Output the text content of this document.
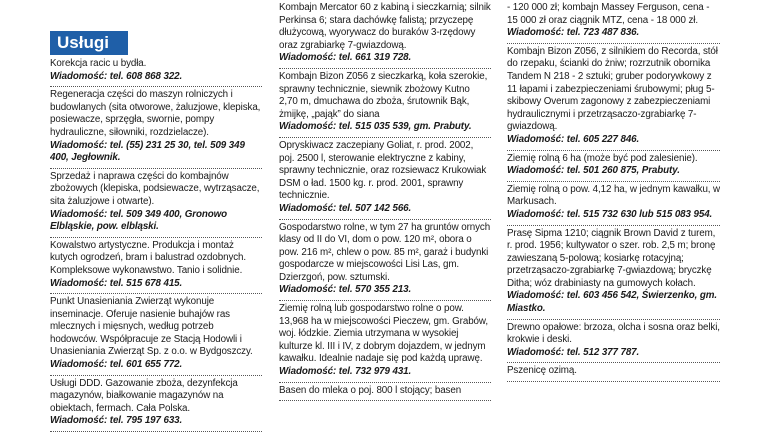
Usługi
Korekcja racic u bydła.
Wiadomość: tel. 608 868 322.
Regeneracja części do maszyn rolniczych i budowlanych (sita otworowe, żaluzjowe, klepiska, posiewacze, sprzęgła, swornie, pompy hydrauliczne, siłowniki, rozdzielacze).
Wiadomość: tel. (55) 231 25 30, tel. 509 349 400, Jegłownik.
Sprzedaż i naprawa części do kombajnów zbożowych (klepiska, podsiewacze, wytrząsacze, sita żaluzjowe i otwarte).
Wiadomość: tel. 509 349 400, Gronowo Elbląskie, pow. elbląski.
Kowalstwo artystyczne. Produkcja i montaż kutych ogrodzeń, bram i balustrad ozdobnych. Kompleksowe wykonawstwo. Tanio i solidnie.
Wiadomość: tel. 515 678 415.
Punkt Unasieniania Zwierząt wykonuje inseminacje. Oferuje nasienie buhajów ras mlecznych i mięsnych, według potrzeb hodowców. Współpracuje ze Stacją Hodowli i Unasieniania Zwierząt Sp. z o.o. w Bydgoszczy.
Wiadomość: tel. 601 655 772.
Usługi DDD. Gazowanie zboża, dezynfekcja magazynów, białkowanie magazynów na obiektach, fermach. Cała Polska.
Wiadomość: tel. 795 197 633.
Kombajn Mercator 60 z kabiną i sieczkarnią; silnik Perkinsa 6; stara dachówkę falistą; przyczepę dłużycową, wyorywacz do buraków 3-rzędowy oraz zgrabiarkę 7-gwiazdową.
Wiadomość: tel. 661 319 728.
Kombajn Bizon Z056 z sieczkarką, koła szerokie, sprawny technicznie, siewnik zbożowy Kutno 2,70 m, dmuchawa do zboża, śrutownik Bąk, żmijkę, „pająk” do siana
Wiadomość: tel. 515 035 539, gm. Prabuty.
Opryskiwacz zaczepiany Goliat, r. prod. 2002, poj. 2500 l, sterowanie elektryczne z kabiny, sprawny technicznie, oraz rozsiewacz Krukowiak DSM o ład. 1500 kg. r. prod. 2001, sprawny technicznie.
Wiadomość: tel. 507 142 566.
Gospodarstwo rolne, w tym 27 ha gruntów ornych klasy od II do VI, dom o pow. 120 m², obora o pow. 216 m², chlew o pow. 85 m², garaż i budynki gospodarcze w miejscowości Lisi Las, gm. Dzierzgoń, pow. sztumski.
Wiadomość: tel. 570 355 213.
Ziemię rolną lub gospodarstwo rolne o pow. 13,968 ha w miejscowości Pieczew, gm. Grabów, woj. łódzkie. Ziemia utrzymana w wysokiej kulturze kl. III i IV, z dobrym dojazdem, w jednym kawałku. Idealnie nadaje się pod każdą uprawę.
Wiadomość: tel. 732 979 431.
Basen do mleka o poj. 800 l stojący; basen
- 120 000 zł; kombajn Massey Ferguson, cena - 15 000 zł oraz ciągnik MTZ, cena - 18 000 zł.
Wiadomość: tel. 723 487 836.
Kombajn Bizon Z056, z silnikiem do Recorda, stół do rzepaku, ścianki do żniw; rozrzutnik obornika Tandem N 218 - 2 sztuki; gruber podorywkowy z 11 łapami i zabezpieczeniami śrubowymi; pług 5-skibowy Overum zagonowy z zabezpieczeniami hydraulicznymi i przetrząsaczo-zgrabiarkę 7-gwiazdową.
Wiadomość: tel. 605 227 846.
Ziemię rolną 6 ha (może być pod zalesienie).
Wiadomość: tel. 501 260 875, Prabuty.
Ziemię rolną o pow. 4,12 ha, w jednym kawałku, w Markusach.
Wiadomość: tel. 515 732 630 lub 515 083 954.
Prasę Sipma 1210; ciągnik Brown David z turem, r. prod. 1956; kultywator o szer. rob. 2,5 m; bronę zawieszaną 5-polową; kosiarkę rotacyjną; przetrząsaczo-zgrabiarkę 7-gwiazdową; bryczkę Ditha; wóz drabiniasty na gumowych kołach.
Wiadomość: tel. 603 456 542, Świerzenko, gm. Miastko.
Drewno opałowe: brzoza, olcha i sosna oraz belki, krokwie i deski.
Wiadomość: tel. 512 377 787.
Pszenicę ozimą.
